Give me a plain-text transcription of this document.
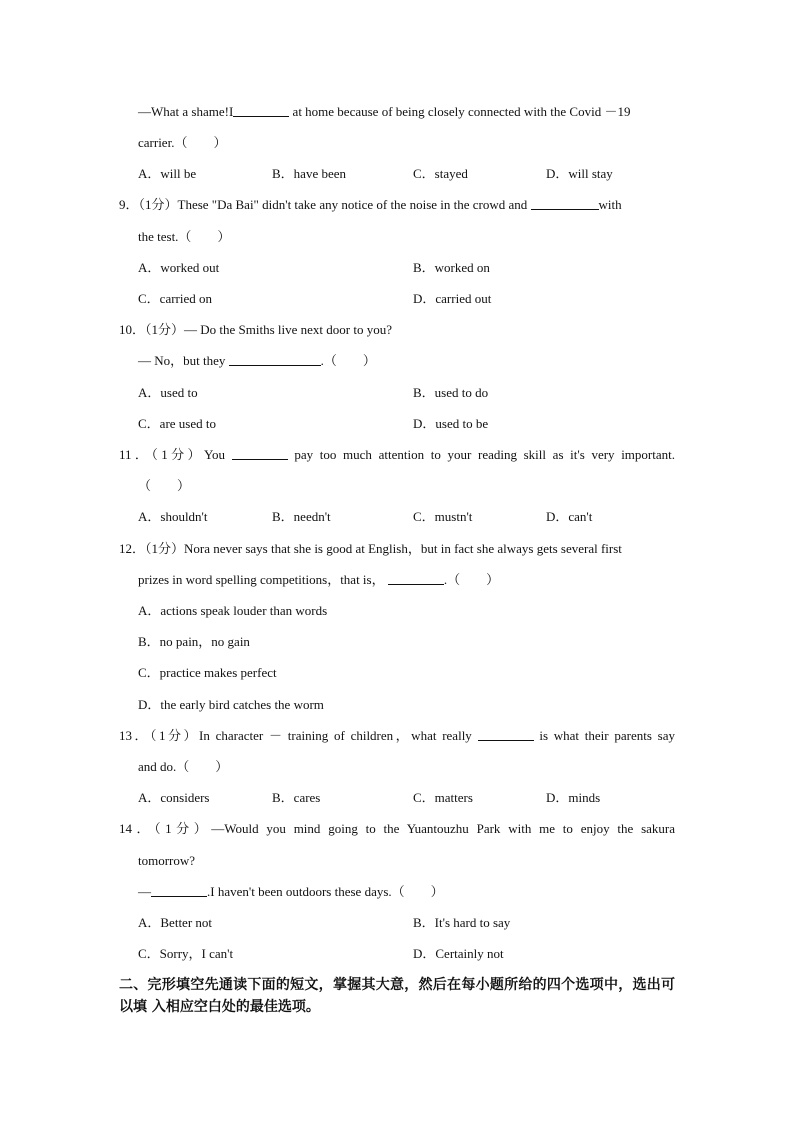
—What a shame!I	at home because of being closely connected with the Covid －19
carrier.（　　）
A．will be	B．have been	C．stayed	D．will stay
9．（1分）These "Da Bai" didn't take any notice of the noise in the crowd and	with
the test.（　　）
A．worked out	B．worked on
C．carried on	D．carried out
10．（1分）— Do the Smiths live next door to you?
— No，but they	.（　　）
A．used to	B．used to do
C．are used to	D．used to be
11．（1分）You	pay too much attention to your reading skill as it's very important.
（　　）
A．shouldn't	B．needn't	C．mustn't	D．can't
12．（1分）Nora never says that she is good at English，but in fact she always gets several first
prizes in word spelling competitions，that is，	.（　　）
A．actions speak louder than words
B．no pain，no gain
C．practice makes perfect
D．the early bird catches the worm
13．（1分）In character － training of children，what really	is what their parents say
and do.（　　）
A．considers	B．cares	C．matters	D．minds
14．（1分）—Would you mind going to the Yuantouzhu Park with me to enjoy the sakura
tomorrow?
—	.I haven't been outdoors these days.（　　）
A．Better not	B．It's hard to say
C．Sorry，I can't	D．Certainly not
二、完形填空先通读下面的短文，掌握其大意，然后在每小题所给的四个选项中，选出可以填 入相应空白处的最佳选项。
